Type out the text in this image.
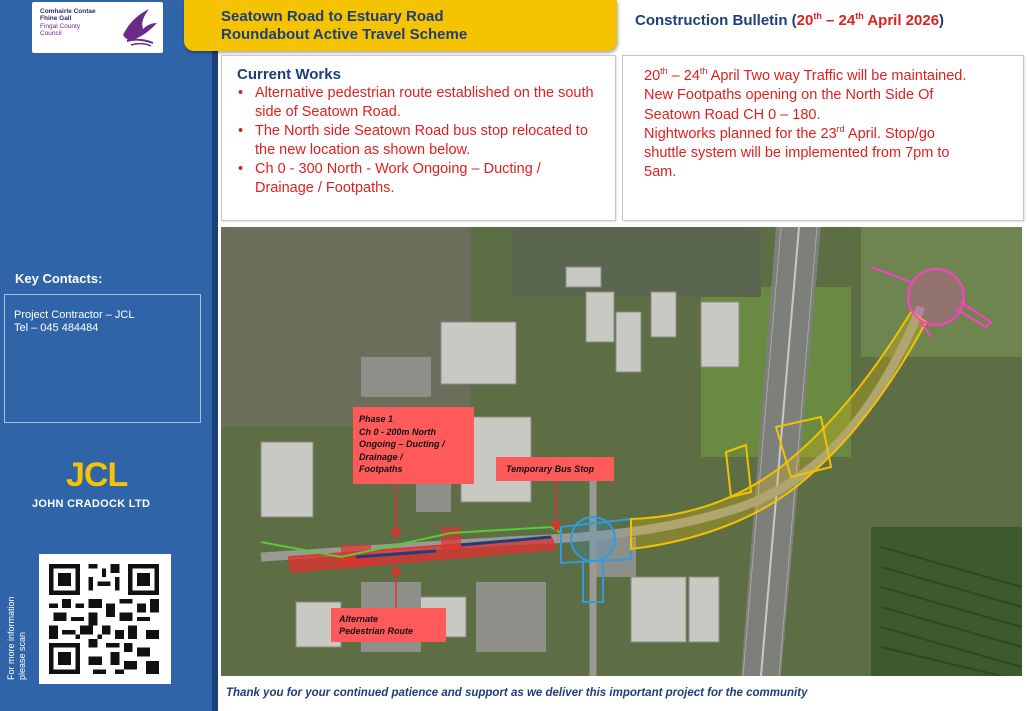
Comhairle Contae
Fhine Gall
Fingal County
Council
Key Contacts:
Project Contractor – JCL
Tel – 045 484484
JCL
JOHN CRADOCK LTD
For more information please scan
Seatown Road to Estuary Road
Roundabout Active Travel Scheme
Construction Bulletin (20th – 24th April 2026)
Current Works
• Alternative pedestrian route established on the south side of Seatown Road.
• The North side Seatown Road bus stop relocated to the new location as shown below.
• Ch 0 - 300 North - Work Ongoing – Ducting / Drainage / Footpaths.
20th – 24th April Two way Traffic will be maintained.
New Footpaths opening on the North Side Of
Seatown Road CH 0 – 180.
Nightworks planned for the 23rd April. Stop/go
shuttle system will be implemented from 7pm to
5am.
Phase 1
Ch 0 - 200m North
Ongoing – Ducting /
Drainage /
Footpaths	Temporary Bus Stop
Alternate
Pedestrian Route
Thank you for your continued patience and support as we deliver this important project for the community
